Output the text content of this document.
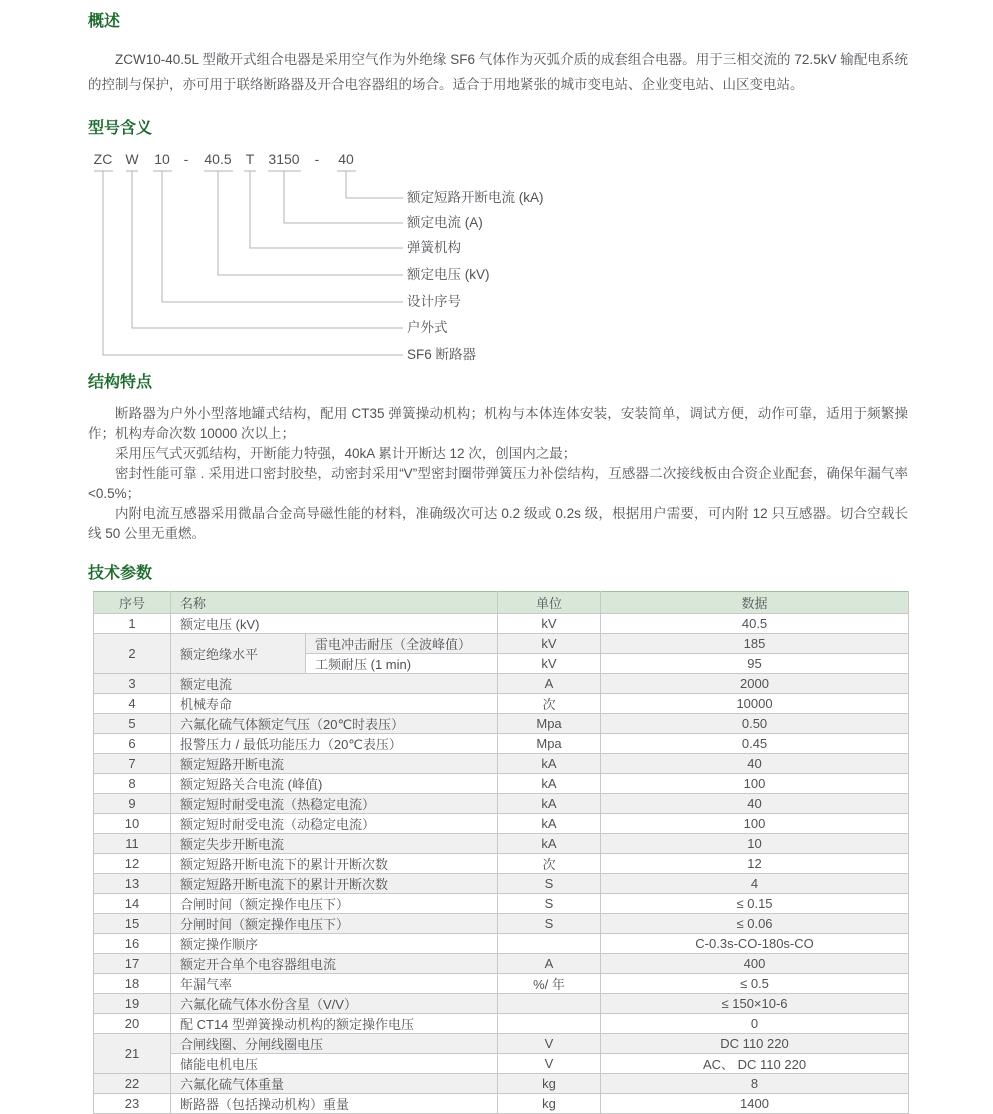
概述

ZCW10-40.5L 型敞开式组合电器是采用空气作为外绝缘 SF6 气体作为灭弧介质的成套组合电器。用于三相交流的 72.5kV 输配电系统的控制与保护，亦可用于联络断路器及开合电容器组的场合。适合于用地紧张的城市变电站、企业变电站、山区变电站。

型号含义
ZC W 10 - 40.5 T 3150 - 40
额定短路开断电流 (kA)
额定电流 (A)
弹簧机构
额定电压 (kV)
设计序号
户外式
SF6 断路器
结构特点

断路器为户外小型落地罐式结构，配用 CT35 弹簧操动机构；机构与本体连体安装，安装简单，调试方便，动作可靠，适用于频繁操作；机构寿命次数 10000 次以上；

采用压气式灭弧结构，开断能力特强，40kA 累计开断达 12 次，创国内之最；

密封性能可靠 . 采用进口密封胶垫，动密封采用“V”型密封圈带弹簧压力补偿结构，互感器二次接线板由合资企业配套，确保年漏气率 <0.5%；

内附电流互感器采用微晶合金高导磁性能的材料，准确级次可达 0.2 级或 0.2s 级，根据用户需要，可内附 12 只互感器。切合空载长线 50 公里无重燃。

技术参数
序号	名称		单位	数据
1	额定电压 (kV)		kV	40.5
2	额定绝缘水平	雷电冲击耐压（全波峰值）	kV	185
		工频耐压 (1 min)	kV	95
3	额定电流		A	2000
4	机械寿命		次	10000
5	六氟化硫气体额定气压（20℃时表压）		Mpa	0.50
6	报警压力 / 最低功能压力（20℃表压）		Mpa	0.45
7	额定短路开断电流		kA	40
8	额定短路关合电流 (峰值)		kA	100
9	额定短时耐受电流（热稳定电流）		kA	40
10	额定短时耐受电流（动稳定电流）		kA	100
11	额定失步开断电流		kA	10
12	额定短路开断电流下的累计开断次数		次	12
13	额定短路开断电流下的累计开断次数		S	4
14	合闸时间（额定操作电压下）		S	≤ 0.15
15	分闸时间（额定操作电压下）		S	≤ 0.06
16	额定操作顺序			C-0.3s-CO-180s-CO
17	额定开合单个电容器组电流		A	400
18	年漏气率		%/ 年	≤ 0.5
19	六氟化硫气体水份含星（V/V）			≤ 150×10-6
20	配 CT14 型弹簧操动机构的额定操作电压			0
21	合闸线圈、分闸线圈电压		V	DC 110 220
	储能电机电压		V	AC、 DC 110 220
22	六氟化硫气体重量		kg	8
23	断路器（包括操动机构）重量		kg	1400
